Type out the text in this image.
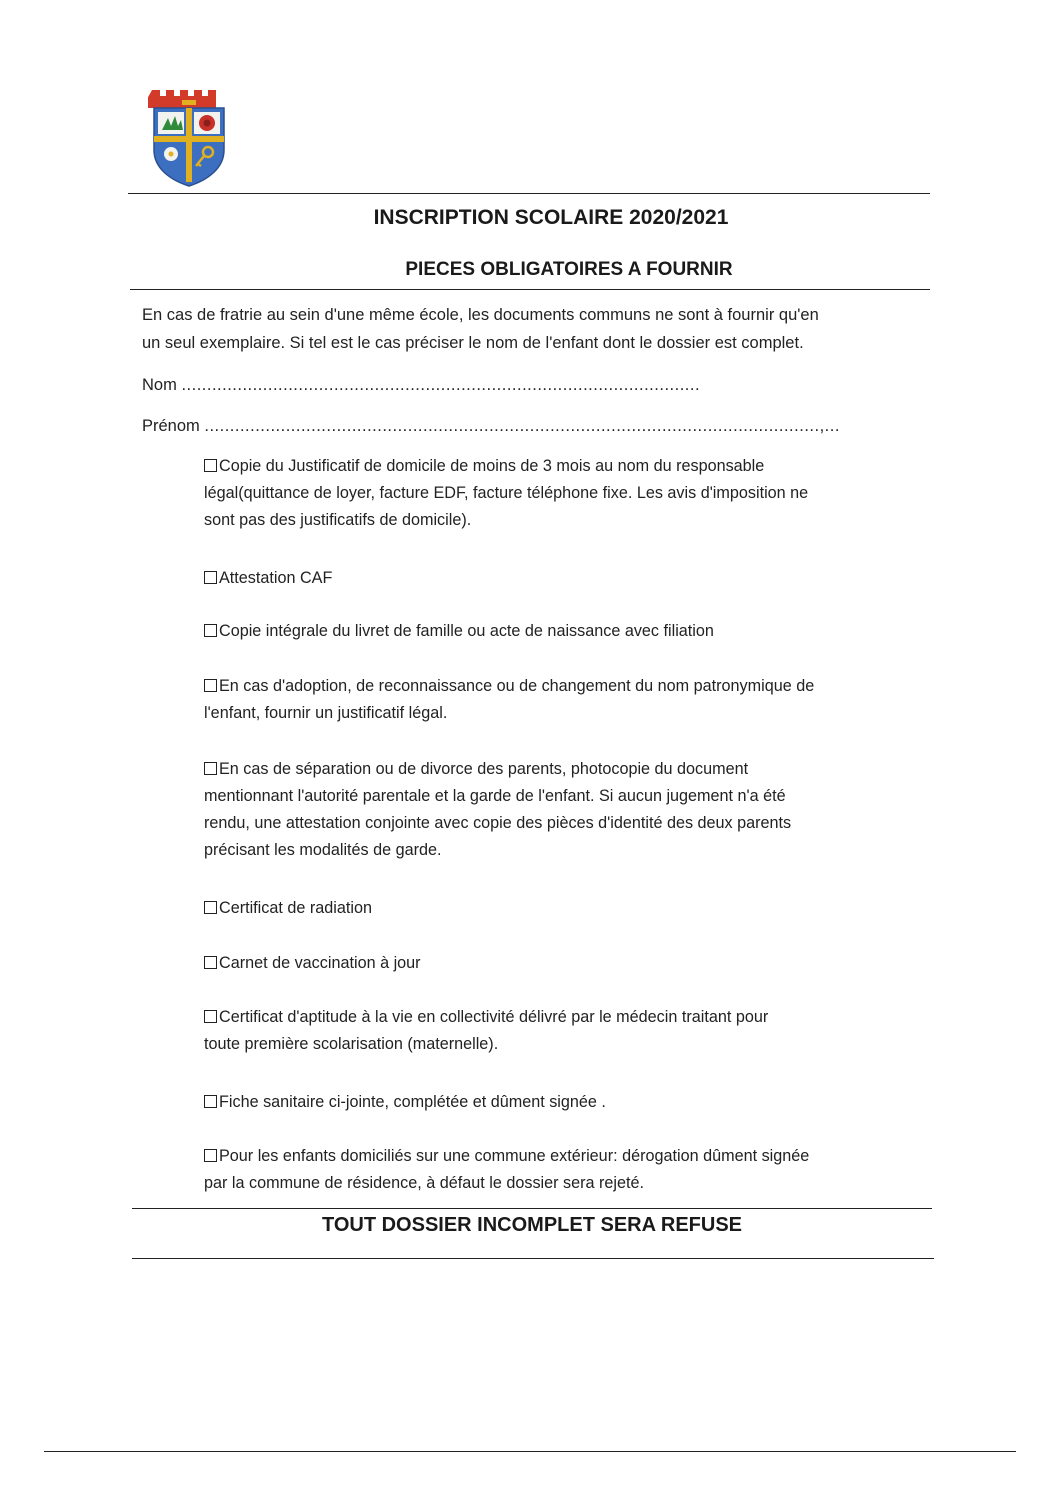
INSCRIPTION SCOLAIRE 2020/2021
PIECES OBLIGATOIRES A FOURNIR
En cas de fratrie au sein d'une même école, les documents communs ne sont à fournir qu'en
un seul exemplaire. Si tel est le cas préciser le nom de l'enfant dont le dossier est complet.
Nom ......................................................................................................
Prénom .........................................................................................................................,...
Copie du Justificatif de domicile de moins de 3 mois au nom du responsable
légal(quittance de loyer, facture EDF, facture téléphone fixe. Les avis d'imposition ne
sont pas des justificatifs de domicile).
Attestation CAF
Copie intégrale du livret de famille ou acte de naissance avec filiation
En cas d'adoption, de reconnaissance ou de changement du nom patronymique de
l'enfant, fournir un justificatif légal.
En cas de séparation ou de divorce des parents, photocopie du document
mentionnant l'autorité parentale et la garde de l'enfant. Si aucun jugement n'a été
rendu, une attestation conjointe avec copie des pièces d'identité des deux parents
précisant les modalités de garde.
Certificat de radiation
Carnet de vaccination à jour
Certificat d'aptitude à la vie en collectivité délivré par le médecin traitant pour
toute première scolarisation (maternelle).
Fiche sanitaire ci-jointe, complétée et dûment signée .
Pour les enfants domiciliés sur une commune extérieur: dérogation dûment signée
par la commune de résidence, à défaut le dossier sera rejeté.
TOUT DOSSIER INCOMPLET SERA REFUSE
